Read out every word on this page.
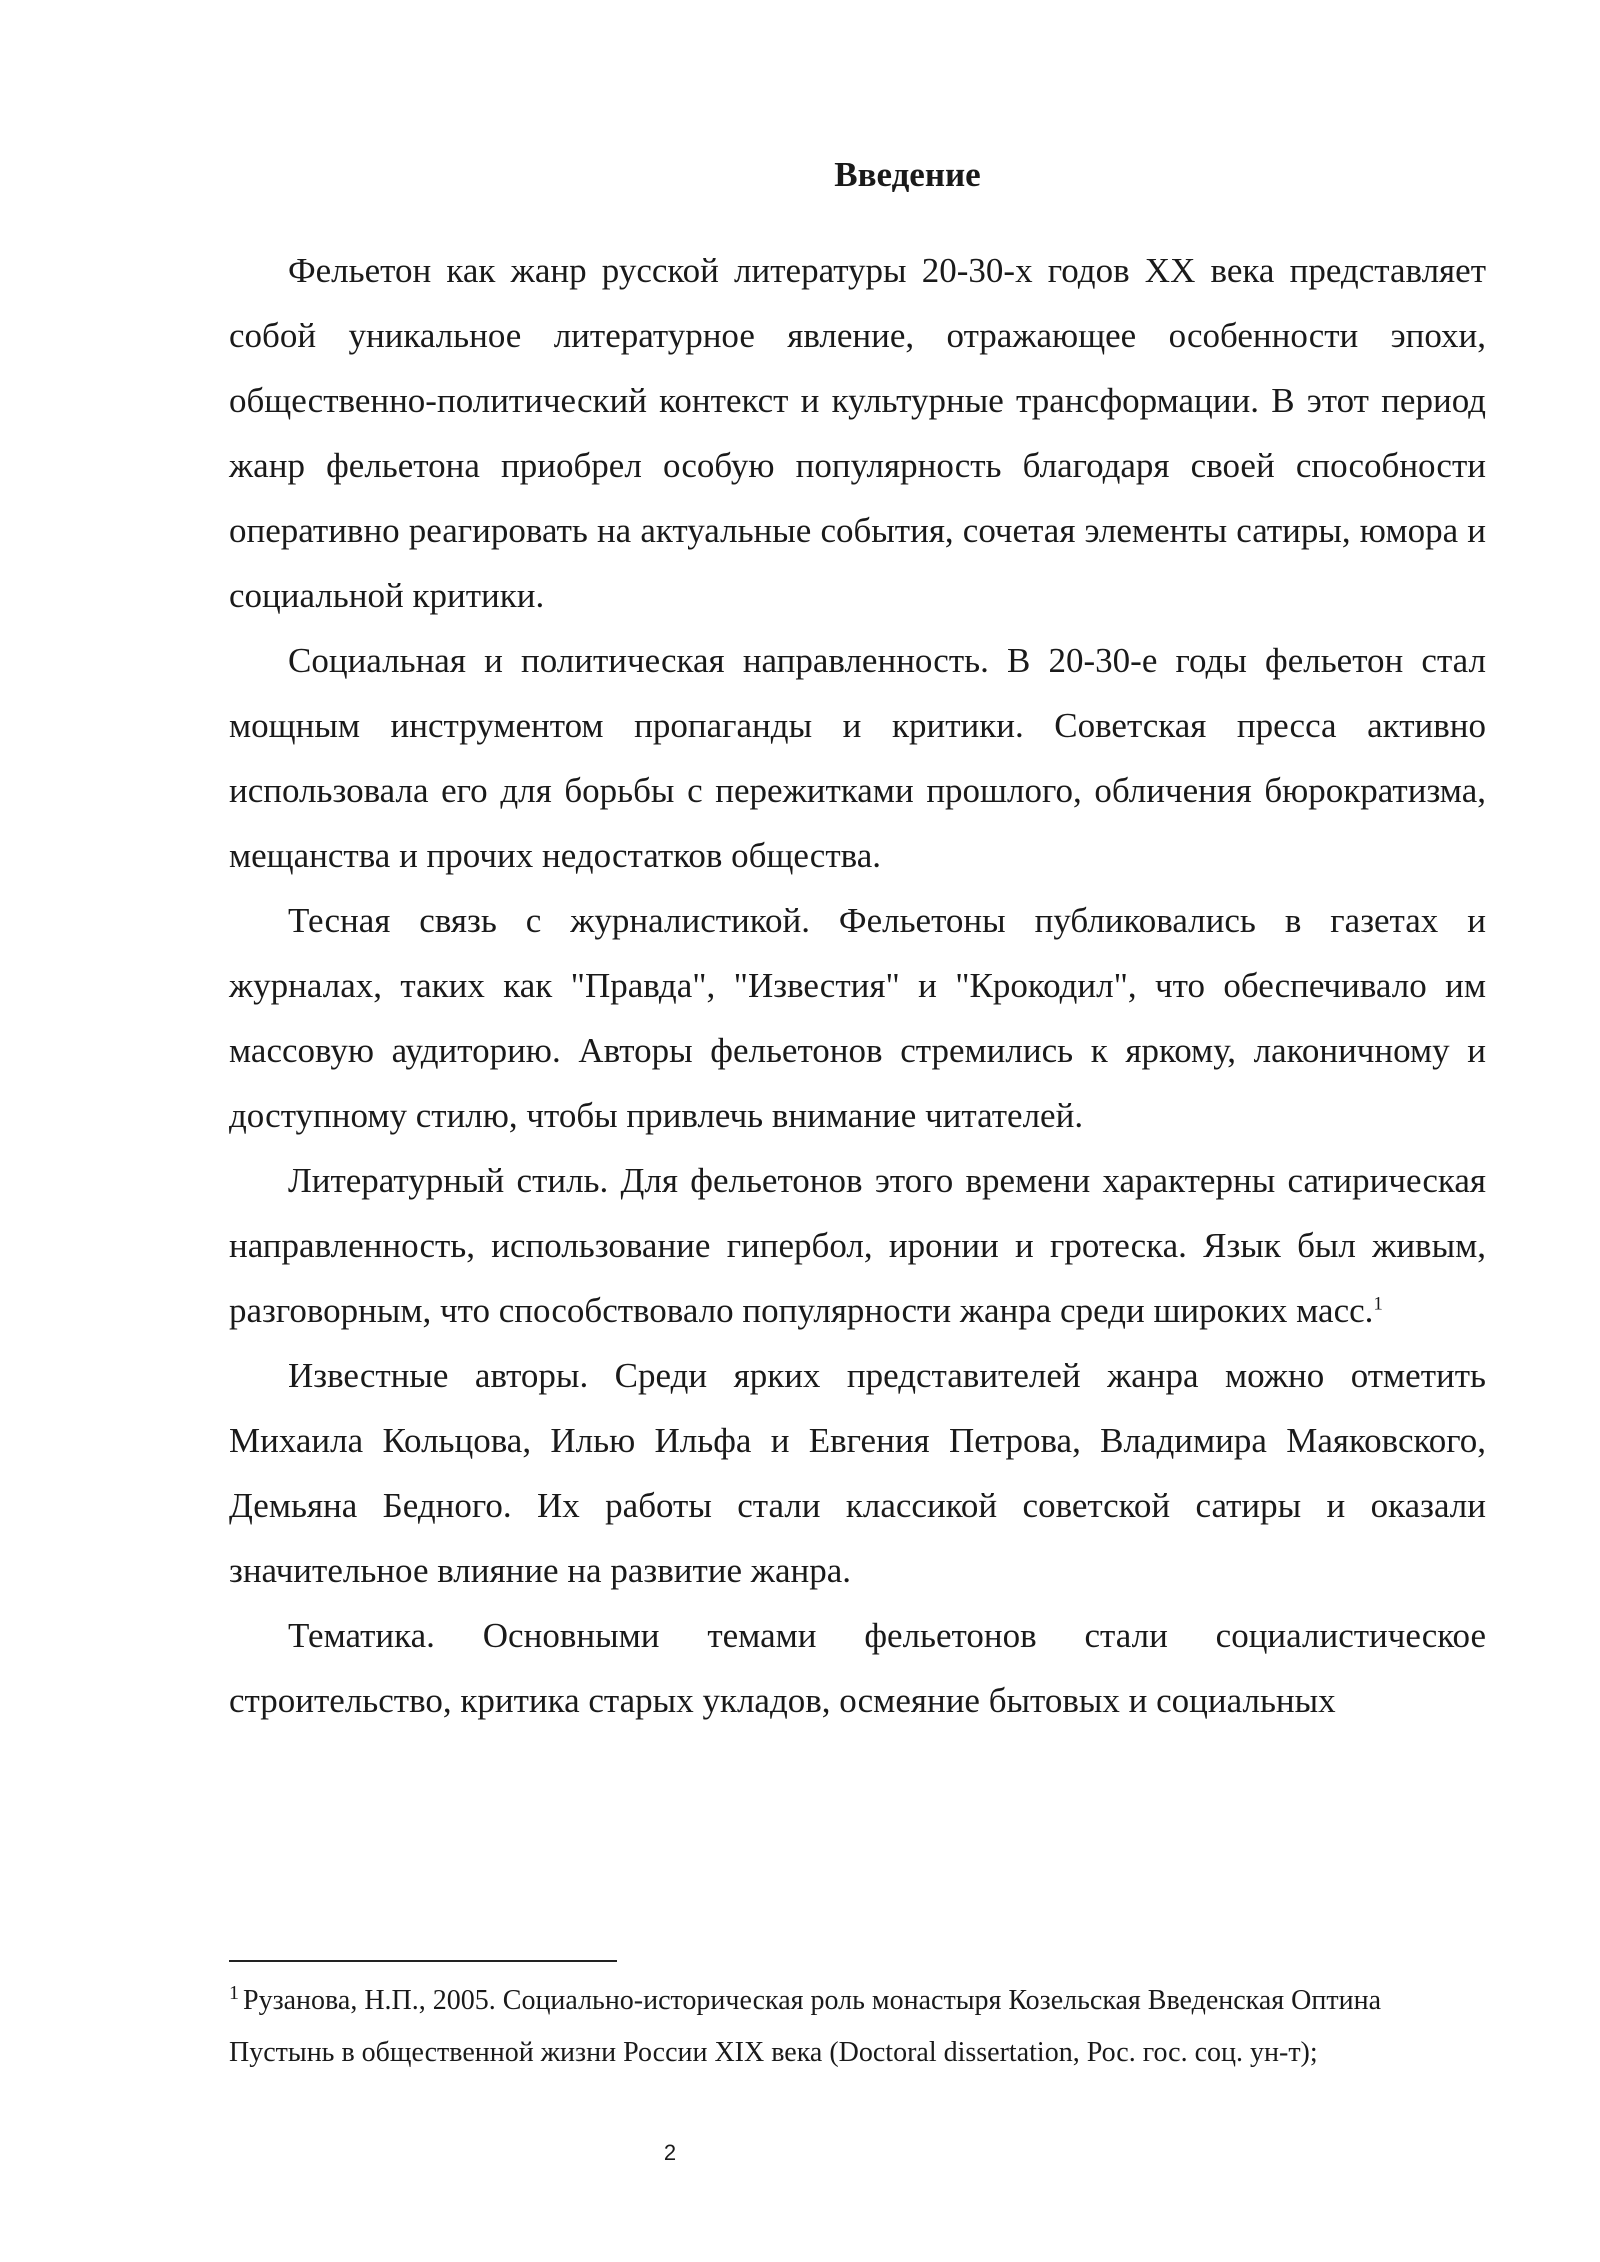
Введение

Фельетон как жанр русской литературы 20-30-х годов XX века представляет собой уникальное литературное явление, отражающее особенности эпохи, общественно-политический контекст и культурные трансформации. В этот период жанр фельетона приобрел особую популярность благодаря своей способности оперативно реагировать на актуальные события, сочетая элементы сатиры, юмора и социальной критики.

Социальная и политическая направленность. В 20-30-е годы фельетон стал мощным инструментом пропаганды и критики. Советская пресса активно использовала его для борьбы с пережитками прошлого, обличения бюрократизма, мещанства и прочих недостатков общества.

Тесная связь с журналистикой. Фельетоны публиковались в газетах и журналах, таких как "Правда", "Известия" и "Крокодил", что обеспечивало им массовую аудиторию. Авторы фельетонов стремились к яркому, лаконичному и доступному стилю, чтобы привлечь внимание читателей.

Литературный стиль. Для фельетонов этого времени характерны сатирическая направленность, использование гипербол, иронии и гротеска. Язык был живым, разговорным, что способствовало популярности жанра среди широких масс.$^1$

Известные авторы. Среди ярких представителей жанра можно отметить Михаила Кольцова, Илью Ильфа и Евгения Петрова, Владимира Маяковского, Демьяна Бедного. Их работы стали классикой советской сатиры и оказали значительное влияние на развитие жанра.

Тематика. Основными темами фельетонов стали социалистическое строительство, критика старых укладов, осмеяние бытовых и социальных

$^1$ Рузанова, Н.П., 2005. Социально-историческая роль монастыря Козельская Введенская Оптина Пустынь в общественной жизни России XIX века (Doctoral dissertation, Рос. гос. соц. ун-т);

2
